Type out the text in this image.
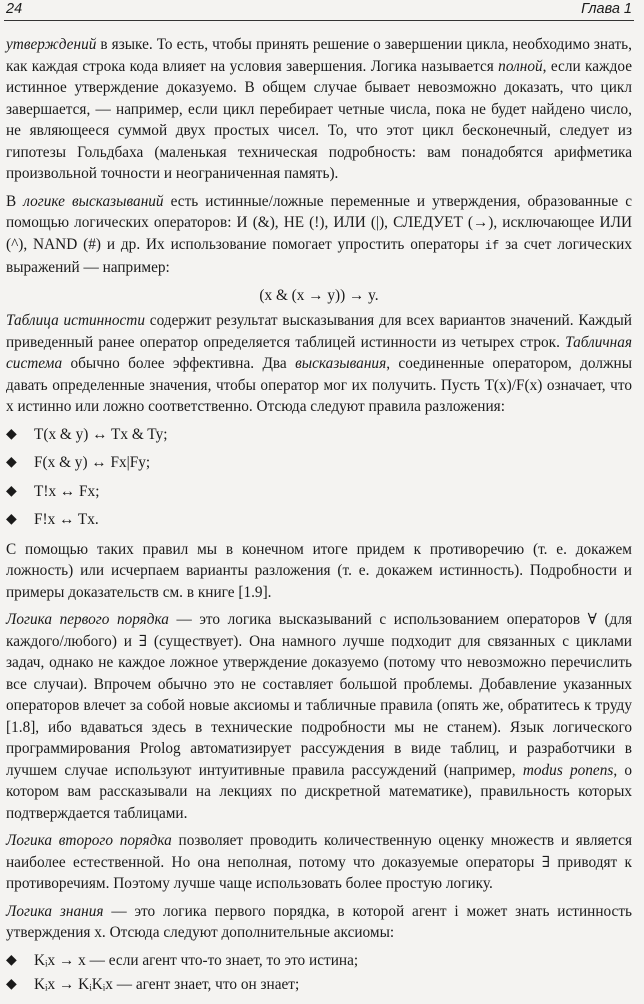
24	Глава 1

утверждений в языке. То есть, чтобы принять решение о завершении цикла, необходимо знать, как каждая строка кода влияет на условия завершения. Логика называется полной, если каждое истинное утверждение доказуемо. В общем случае бывает невозможно доказать, что цикл завершается, — например, если цикл перебирает четные числа, пока не будет найдено число, не являющееся суммой двух простых чисел. То, что этот цикл бесконечный, следует из гипотезы Гольдбаха (маленькая техническая подробность: вам понадобятся арифметика произвольной точности и неограниченная память).

В логике высказываний есть истинные/ложные переменные и утверждения, образованные с помощью логических операторов: И (&), НЕ (!), ИЛИ (|), СЛЕДУЕТ (→), исключающее ИЛИ (^), NAND (#) и др. Их использование помогает упростить операторы if за счет логических выражений — например:

(x & (x → y)) → y.

Таблица истинности содержит результат высказывания для всех вариантов значений. Каждый приведенный ранее оператор определяется таблицей истинности из четырех строк. Табличная система обычно более эффективна. Два высказывания, соединенные оператором, должны давать определенные значения, чтобы оператор мог их получить. Пусть T(x)/F(x) означает, что x истинно или ложно соответственно. Отсюда следуют правила разложения:

◆ T(x & y) ↔ Tx & Ty;
◆ F(x & y) ↔ Fx|Fy;
◆ T!x ↔ Fx;
◆ F!x ↔ Tx.

С помощью таких правил мы в конечном итоге придем к противоречию (т. е. докажем ложность) или исчерпаем варианты разложения (т. е. докажем истинность). Подробности и примеры доказательств см. в книге [1.9].

Логика первого порядка — это логика высказываний с использованием операторов ∀ (для каждого/любого) и ∃ (существует). Она намного лучше подходит для связанных с циклами задач, однако не каждое ложное утверждение доказуемо (потому что невозможно перечислить все случаи). Впрочем обычно это не составляет большой проблемы. Добавление указанных операторов влечет за собой новые аксиомы и табличные правила (опять же, обратитесь к труду [1.8], ибо вдаваться здесь в технические подробности мы не станем). Язык логического программирования Prolog автоматизирует рассуждения в виде таблиц, и разработчики в лучшем случае используют интуитивные правила рассуждений (например, modus ponens, о котором вам рассказывали на лекциях по дискретной математике), правильность которых подтверждается таблицами.

Логика второго порядка позволяет проводить количественную оценку множеств и является наиболее естественной. Но она неполная, потому что доказуемые операторы ∃ приводят к противоречиям. Поэтому лучше чаще использовать более простую логику.

Логика знания — это логика первого порядка, в которой агент i может знать истинность утверждения x. Отсюда следуют дополнительные аксиомы:

◆ Kᵢx → x — если агент что-то знает, то это истина;
◆ Kᵢx → KᵢKᵢx — агент знает, что он знает;
